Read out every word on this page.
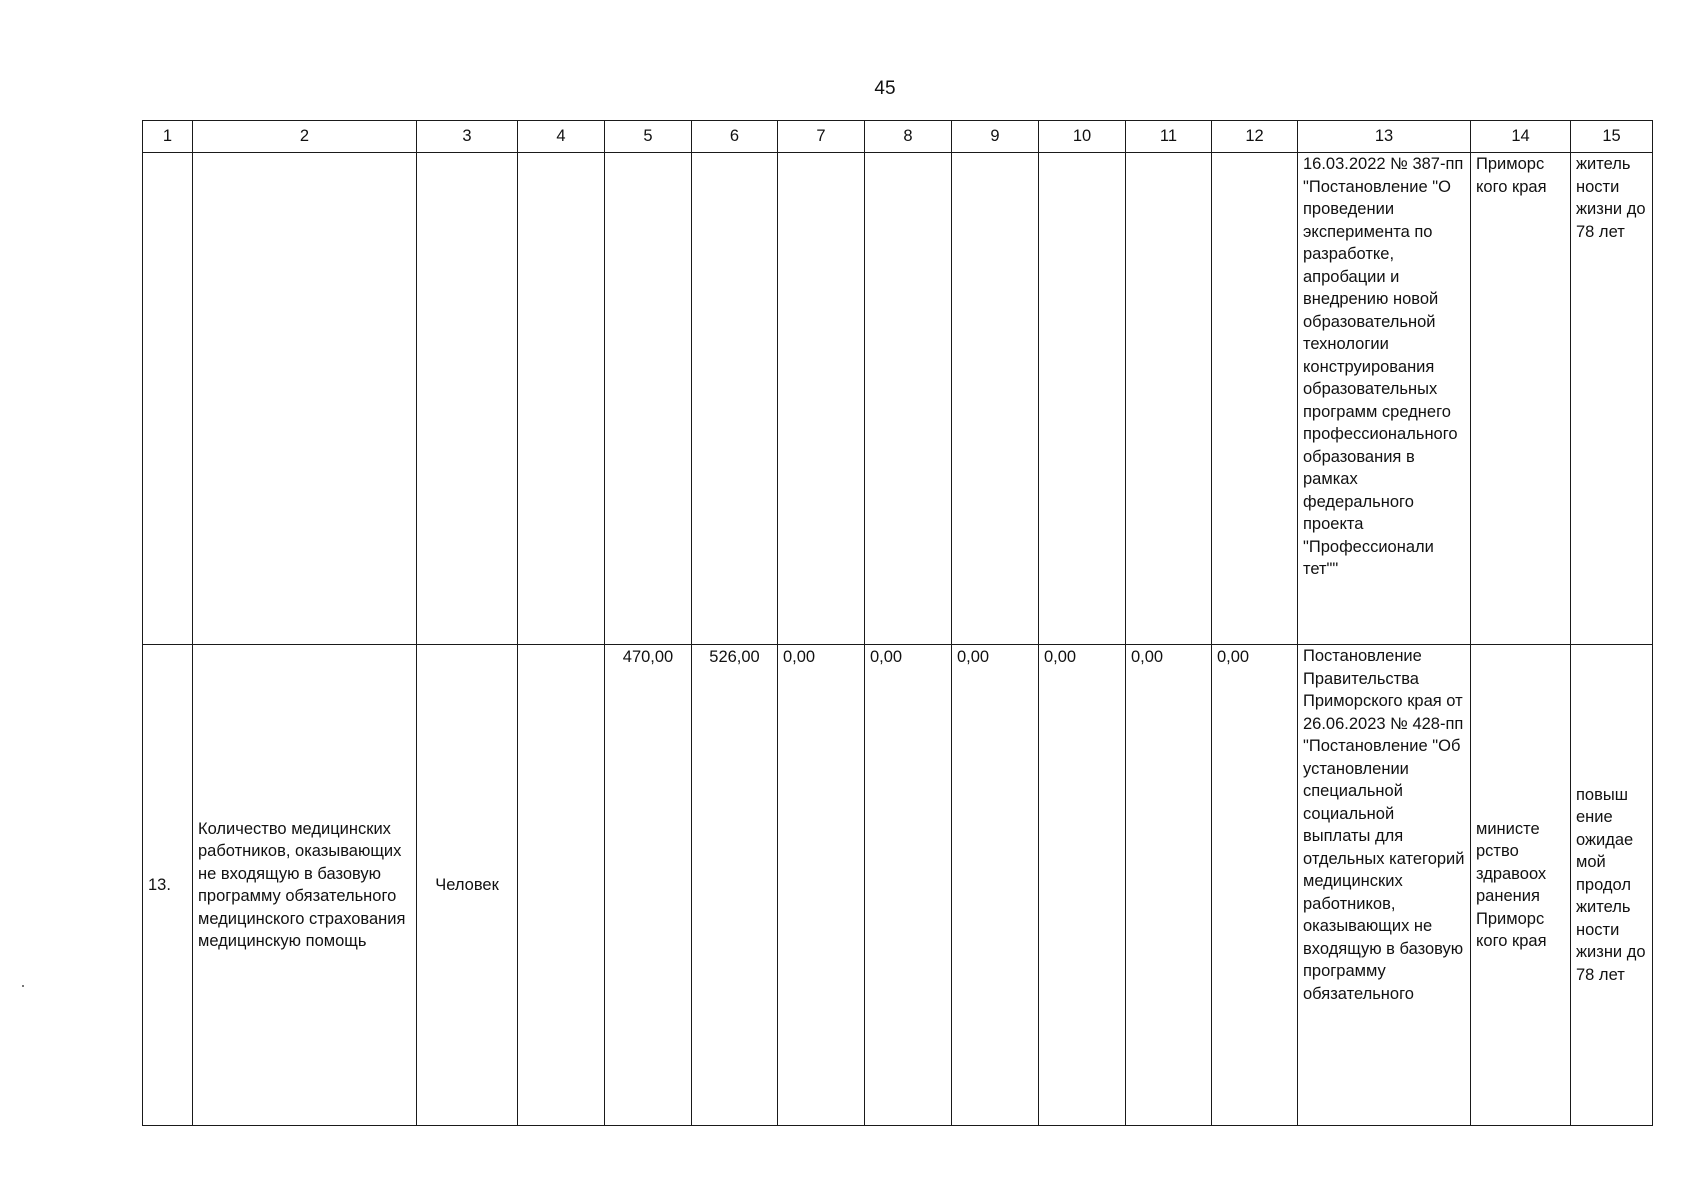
45
1	2	3	4	5	6	7	8	9	10	11	12	13	14	15
												16.03.2022 № 387-пп "Постановление "О проведении эксперимента по разработке, апробации и внедрению новой образовательной технологии конструирования образовательных программ среднего профессионального образования в рамках федерального проекта "Профессионали тет""	Приморс кого края	житель ности жизни до 78 лет
13.	Количество медицинских работников, оказывающих не входящую в базовую программу обязательного медицинского страхования медицинскую помощь	Человек		470,00	526,00	0,00	0,00	0,00	0,00	0,00	0,00	Постановление Правительства Приморского края от 26.06.2023 № 428-пп "Постановление "Об установлении специальной социальной выплаты для отдельных категорий медицинских работников, оказывающих не входящую в базовую программу обязательного	министе рство здравоох ранения Приморс кого края	повыш ение ожидае мой продол житель ности жизни до 78 лет
